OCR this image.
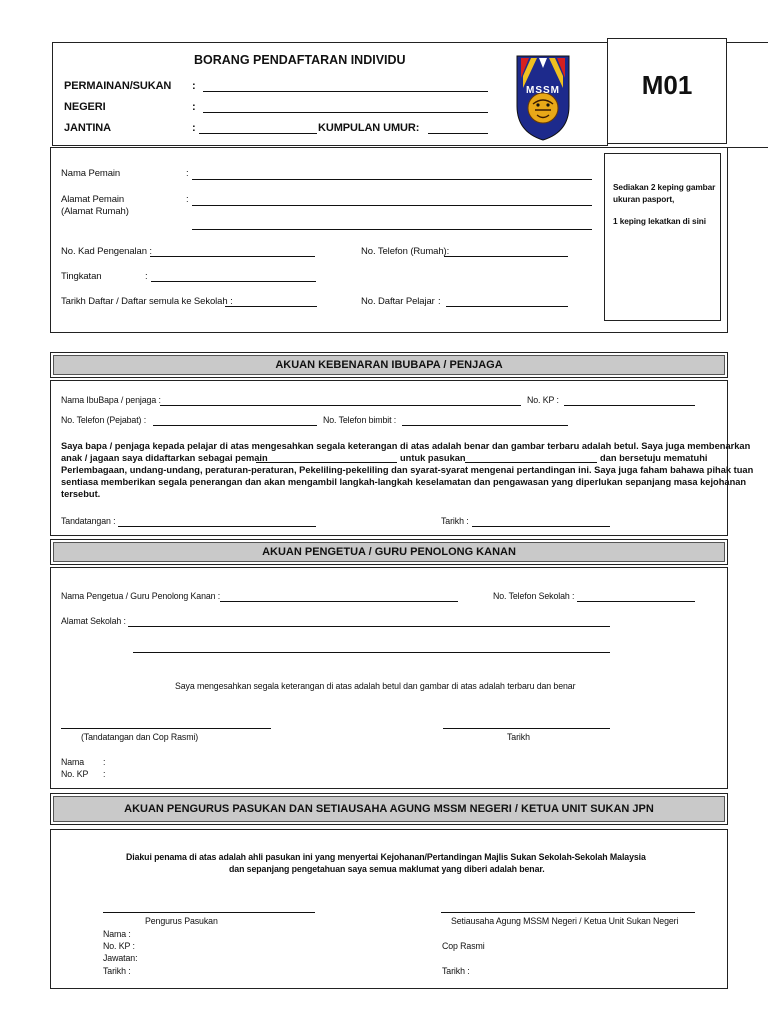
BORANG PENDAFTARAN INDIVIDU
PERMAINAN/SUKAN :
NEGERI	:
JANTINA	:	KUMPULAN UMUR:
MSSM	M01
Nama Pemain	:
Alamat Pemain
(Alamat Rumah)
:
No. Kad Pengenalan :	No. Telefon (Rumah):
Tingkatan	:
Tarikh Daftar / Daftar semula ke Sekolah :	No. Daftar Pelajar :
Sediakan 2 keping gambar
ukuran pasport,
1 keping lekatkan di sini
AKUAN KEBENARAN IBUBAPA / PENJAGA
Nama IbuBapa / penjaga :	No. KP :
No. Telefon (Pejabat) :	No. Telefon bimbit :
Saya bapa / penjaga kepada pelajar di atas mengesahkan segala keterangan di atas adalah benar dan gambar terbaru adalah betul. Saya juga membenarkan
anak / jagaan saya didaftarkan sebagai pemain	untuk pasukan	dan bersetuju mematuhi
Perlembagaan, undang-undang, peraturan-peraturan, Pekeliling-pekeliling dan syarat-syarat mengenai pertandingan ini. Saya juga faham bahawa pihak tuan
sentiasa memberikan segala penerangan dan akan mengambil langkah-langkah keselamatan dan pengawasan yang diperlukan sepanjang masa kejohanan
tersebut.
Tandatangan :	Tarikh :
AKUAN PENGETUA / GURU PENOLONG KANAN
Nama Pengetua / Guru Penolong Kanan :	No. Telefon Sekolah :
Alamat Sekolah :
Saya mengesahkan segala keterangan di atas adalah betul dan gambar di atas adalah terbaru dan benar
(Tandatangan dan Cop Rasmi)	Tarikh
Nama :
No. KP :
AKUAN PENGURUS PASUKAN DAN SETIAUSAHA AGUNG MSSM NEGERI / KETUA UNIT SUKAN JPN
Diakui penama di atas adalah ahli pasukan ini yang menyertai Kejohanan/Pertandingan Majlis Sukan Sekolah-Sekolah Malaysia
dan sepanjang pengetahuan saya semua maklumat yang diberi adalah benar.
Pengurus Pasukan	Setiausaha Agung MSSM Negeri / Ketua Unit Sukan Negeri
Nama :
No. KP :
Jawatan:
Tarikh :
Cop Rasmi
Tarikh :
